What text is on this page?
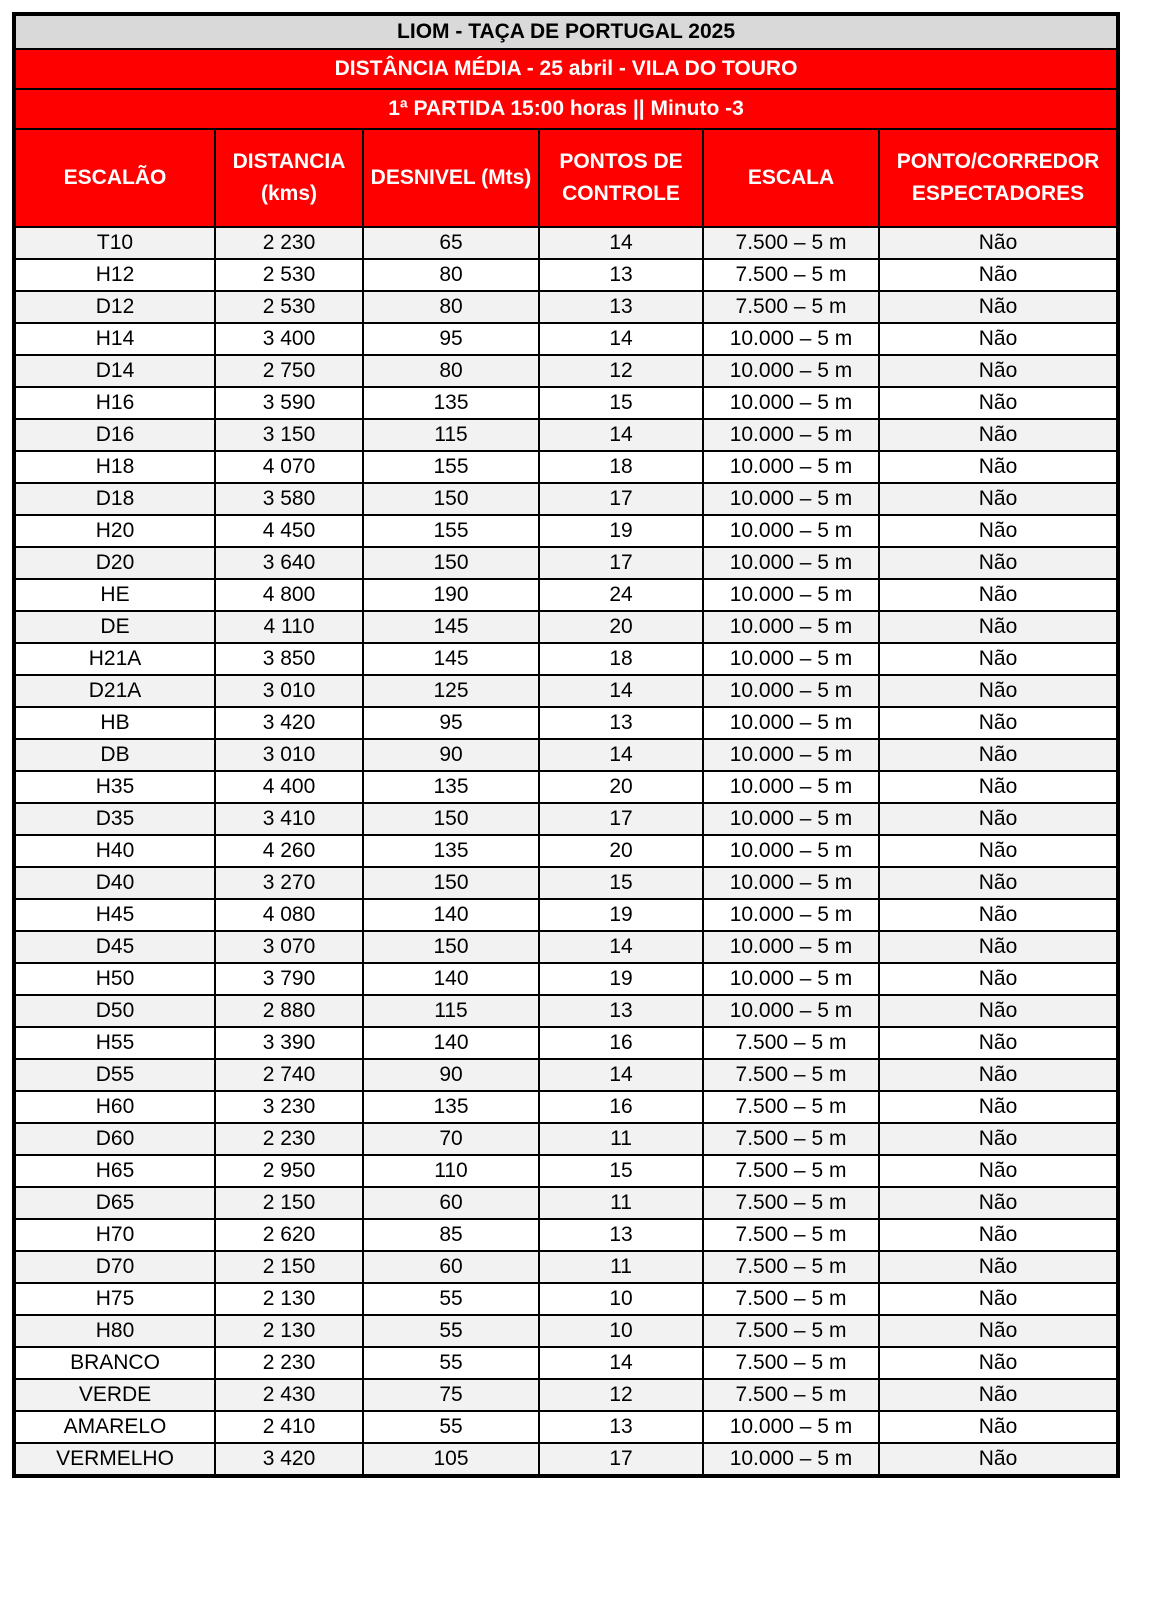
LIOM - TAÇA DE PORTUGAL 2025					
DISTÂNCIA MÉDIA - 25 abril - VILA DO TOURO					
1ª PARTIDA 15:00 horas || Minuto -3					
ESCALÃO	DISTANCIA (kms)	DESNIVEL (Mts)	PONTOS DE CONTROLE	ESCALA	PONTO/CORREDOR ESPECTADORES
T10	2 230	65	14	7.500 – 5 m	Não
H12	2 530	80	13	7.500 – 5 m	Não
D12	2 530	80	13	7.500 – 5 m	Não
H14	3 400	95	14	10.000 – 5 m	Não
D14	2 750	80	12	10.000 – 5 m	Não
H16	3 590	135	15	10.000 – 5 m	Não
D16	3 150	115	14	10.000 – 5 m	Não
H18	4 070	155	18	10.000 – 5 m	Não
D18	3 580	150	17	10.000 – 5 m	Não
H20	4 450	155	19	10.000 – 5 m	Não
D20	3 640	150	17	10.000 – 5 m	Não
HE	4 800	190	24	10.000 – 5 m	Não
DE	4 110	145	20	10.000 – 5 m	Não
H21A	3 850	145	18	10.000 – 5 m	Não
D21A	3 010	125	14	10.000 – 5 m	Não
HB	3 420	95	13	10.000 – 5 m	Não
DB	3 010	90	14	10.000 – 5 m	Não
H35	4 400	135	20	10.000 – 5 m	Não
D35	3 410	150	17	10.000 – 5 m	Não
H40	4 260	135	20	10.000 – 5 m	Não
D40	3 270	150	15	10.000 – 5 m	Não
H45	4 080	140	19	10.000 – 5 m	Não
D45	3 070	150	14	10.000 – 5 m	Não
H50	3 790	140	19	10.000 – 5 m	Não
D50	2 880	115	13	10.000 – 5 m	Não
H55	3 390	140	16	7.500 – 5 m	Não
D55	2 740	90	14	7.500 – 5 m	Não
H60	3 230	135	16	7.500 – 5 m	Não
D60	2 230	70	11	7.500 – 5 m	Não
H65	2 950	110	15	7.500 – 5 m	Não
D65	2 150	60	11	7.500 – 5 m	Não
H70	2 620	85	13	7.500 – 5 m	Não
D70	2 150	60	11	7.500 – 5 m	Não
H75	2 130	55	10	7.500 – 5 m	Não
H80	2 130	55	10	7.500 – 5 m	Não
BRANCO	2 230	55	14	7.500 – 5 m	Não
VERDE	2 430	75	12	7.500 – 5 m	Não
AMARELO	2 410	55	13	10.000 – 5 m	Não
VERMELHO	3 420	105	17	10.000 – 5 m	Não
